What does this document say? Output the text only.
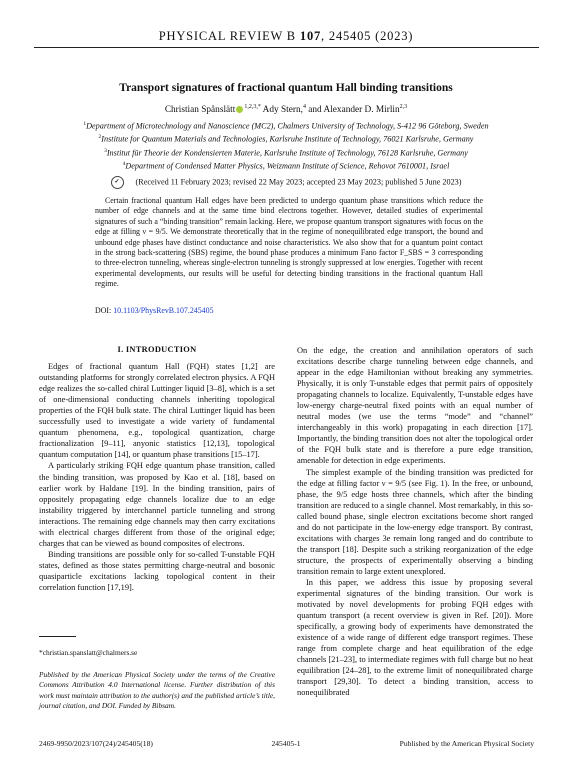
PHYSICAL REVIEW B 107, 245405 (2023)
Transport signatures of fractional quantum Hall binding transitions
Christian Spånslätt $^{1,2,3,*}$ Ady Stern,$^4$ and Alexander D. Mirlin$^{2,3}$
$^1$Department of Microtechnology and Nanoscience (MC2), Chalmers University of Technology, S-412 96 Göteborg, Sweden
$^2$Institute for Quantum Materials and Technologies, Karlsruhe Institute of Technology, 76021 Karlsruhe, Germany
$^3$Institut für Theorie der Kondensierten Materie, Karlsruhe Institute of Technology, 76128 Karlsruhe, Germany
$^4$Department of Condensed Matter Physics, Weizmann Institute of Science, Rehovot 7610001, Israel
✓ (Received 11 February 2023; revised 22 May 2023; accepted 23 May 2023; published 5 June 2023)
Certain fractional quantum Hall edges have been predicted to undergo quantum phase transitions which reduce the number of edge channels and at the same time bind electrons together. However, detailed studies of experimental signatures of such a “binding transition” remain lacking. Here, we propose quantum transport signatures with focus on the edge at filling ν = 9/5. We demonstrate theoretically that in the regime of nonequilibrated edge transport, the bound and unbound edge phases have distinct conductance and noise characteristics. We also show that for a quantum point contact in the strong back-scattering (SBS) regime, the bound phase produces a minimum Fano factor F_SBS = 3 corresponding to three-electron tunneling, whereas single-electron tunneling is strongly suppressed at low energies. Together with recent experimental developments, our results will be useful for detecting binding transitions in the fractional quantum Hall regime.
DOI: 10.1103/PhysRevB.107.245405
I. INTRODUCTION

Edges of fractional quantum Hall (FQH) states [1,2] are outstanding platforms for strongly correlated electron physics. A FQH edge realizes the so-called chiral Luttinger liquid [3–8], which is a set of one-dimensional conducting channels inheriting topological properties of the FQH bulk state. The chiral Luttinger liquid has been successfully used to investigate a wide variety of fundamental quantum phenomena, e.g., topological quantization, charge fractionalization [9–11], anyonic statistics [12,13], topological quantum computation [14], or quantum phase transitions [15–17].

A particularly striking FQH edge quantum phase transition, called the binding transition, was proposed by Kao et al. [18], based on earlier work by Haldane [19]. In the binding transition, pairs of oppositely propagating edge channels localize due to an edge instability triggered by interchannel particle tunneling and strong interactions. The remaining edge channels may then carry excitations with electrical charges different from those of the original edge; charges that can be viewed as bound composites of electrons.

Binding transitions are possible only for so-called T-unstable FQH states, defined as those states permitting charge-neutral and bosonic quasiparticle excitations lacking topological content in their correlation function [17,19].

On the edge, the creation and annihilation operators of such excitations describe charge tunneling between edge channels, and appear in the edge Hamiltonian without breaking any symmetries. Physically, it is only T-unstable edges that permit pairs of oppositely propagating channels to localize. Equivalently, T-unstable edges have low-energy charge-neutral fixed points with an equal number of neutral modes (we use the terms “mode” and “channel” interchangeably in this work) propagating in each direction [17]. Importantly, the binding transition does not alter the topological order of the FQH bulk state and is therefore a pure edge transition, amenable for detection in edge experiments.

The simplest example of the binding transition was predicted for the edge at filling factor ν = 9/5 (see Fig. 1). In the free, or unbound, phase, the 9/5 edge hosts three channels, which after the binding transition are reduced to a single channel. Most remarkably, in this so-called bound phase, single electron excitations become short ranged and do not participate in the low-energy edge transport. By contrast, excitations with charges 3e remain long ranged and do contribute to the transport [18]. Despite such a striking reorganization of the edge structure, the prospects of experimentally observing a binding transition remain to large extent unexplored.

In this paper, we address this issue by proposing several experimental signatures of the binding transition. Our work is motivated by novel developments for probing FQH edges with quantum transport (a recent overview is given in Ref. [20]). More specifically, a growing body of experiments have demonstrated the existence of a wide range of different edge transport regimes. These range from complete charge and heat equilibration of the edge channels [21–23], to intermediate regimes with full charge but no heat equilibration [24–28], to the extreme limit of nonequilibrated charge transport [29,30]. To detect a binding transition, access to nonequilibrated

*christian.spanslatt@chalmers.se
Published by the American Physical Society under the terms of the Creative Commons Attribution 4.0 International license. Further distribution of this work must maintain attribution to the author(s) and the published article’s title, journal citation, and DOI. Funded by Bibsam.
2469-9950/2023/107(24)/245405(18)	245405-1	Published by the American Physical Society
